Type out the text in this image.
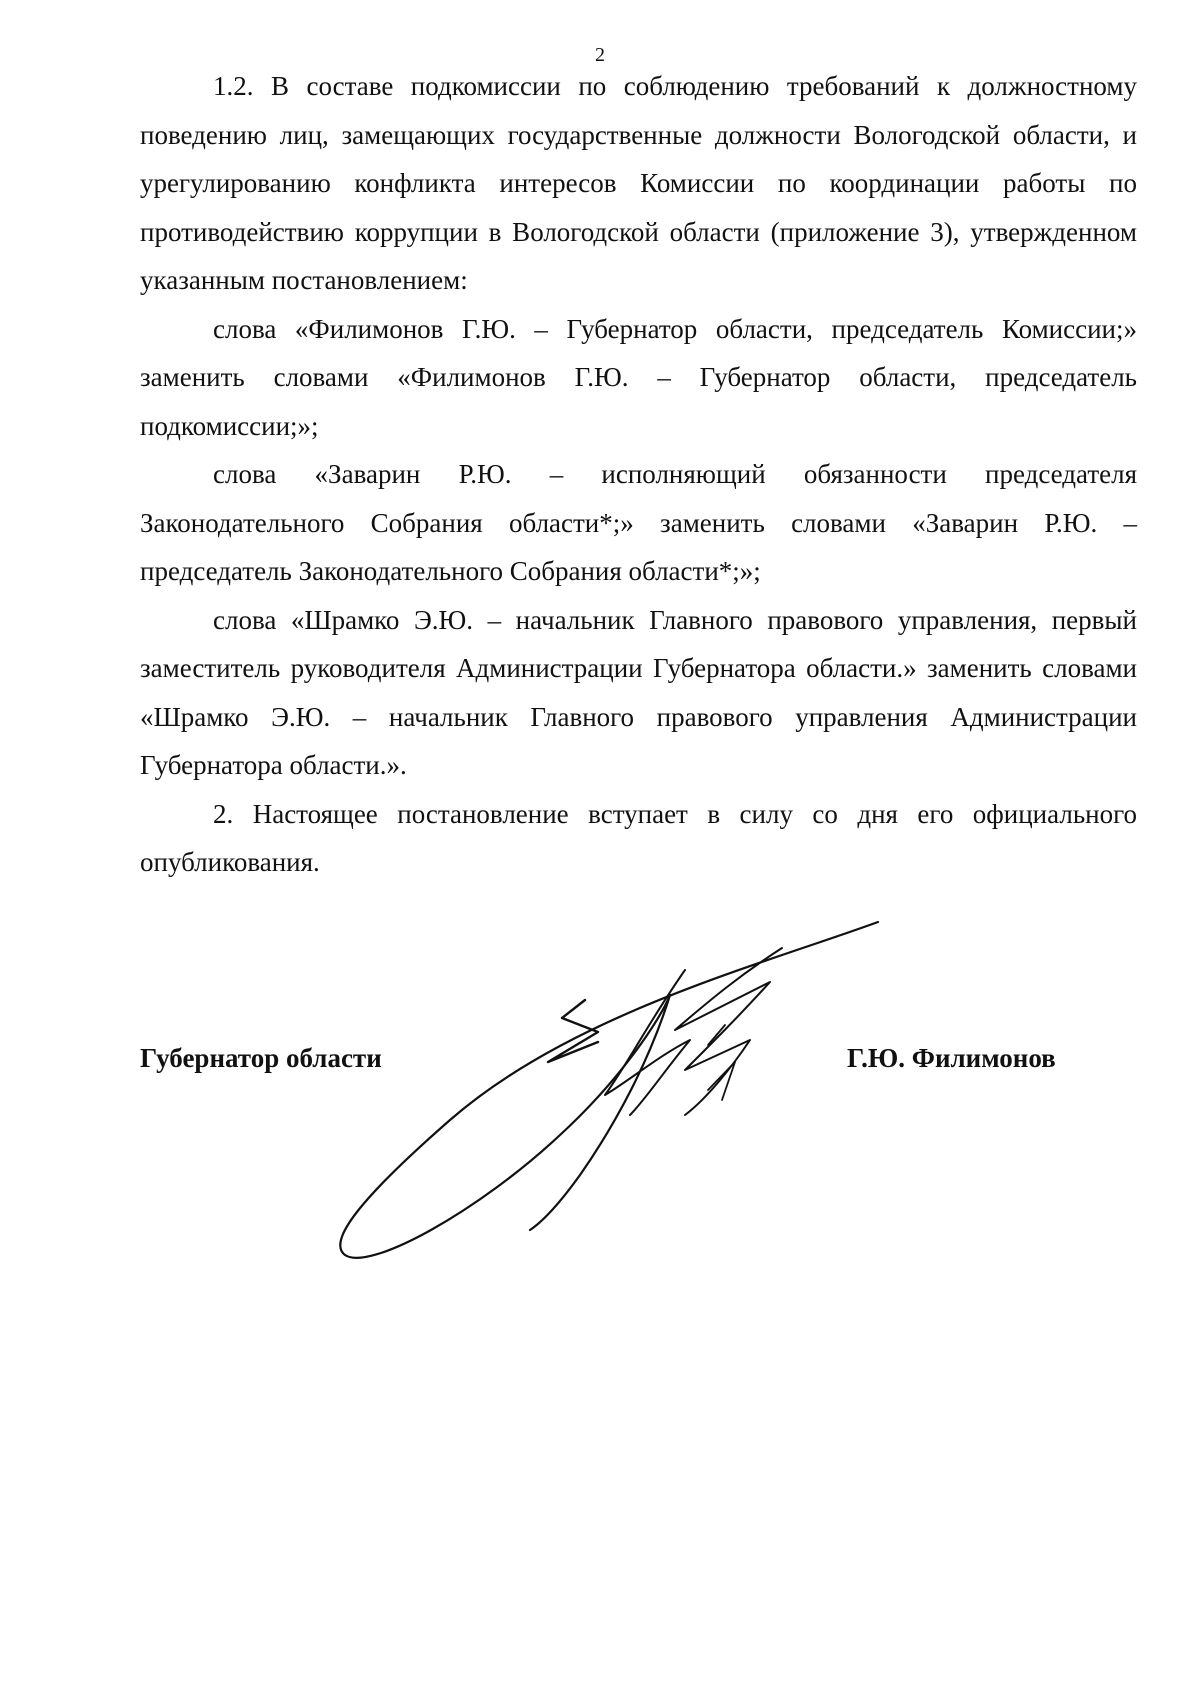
2

1.2. В составе подкомиссии по соблюдению требований к должностному поведению лиц, замещающих государственные должности Вологодской области, и урегулированию конфликта интересов Комиссии по координации работы по противодействию коррупции в Вологодской области (приложение 3), утвержденном указанным постановлением:

слова «Филимонов Г.Ю. – Губернатор области, председатель Комиссии;» заменить словами «Филимонов Г.Ю. – Губернатор области, председатель подкомиссии;»;

слова «Заварин Р.Ю. – исполняющий обязанности председателя Законодательного Собрания области*;» заменить словами «Заварин Р.Ю. – председатель Законодательного Собрания области*;»;

слова «Шрамко Э.Ю. – начальник Главного правового управления, первый заместитель руководителя Администрации Губернатора области.» заменить словами «Шрамко Э.Ю. – начальник Главного правового управления Администрации Губернатора области.».

2. Настоящее постановление вступает в силу со дня его официального опубликования.

Губернатор области	Г.Ю. Филимонов
